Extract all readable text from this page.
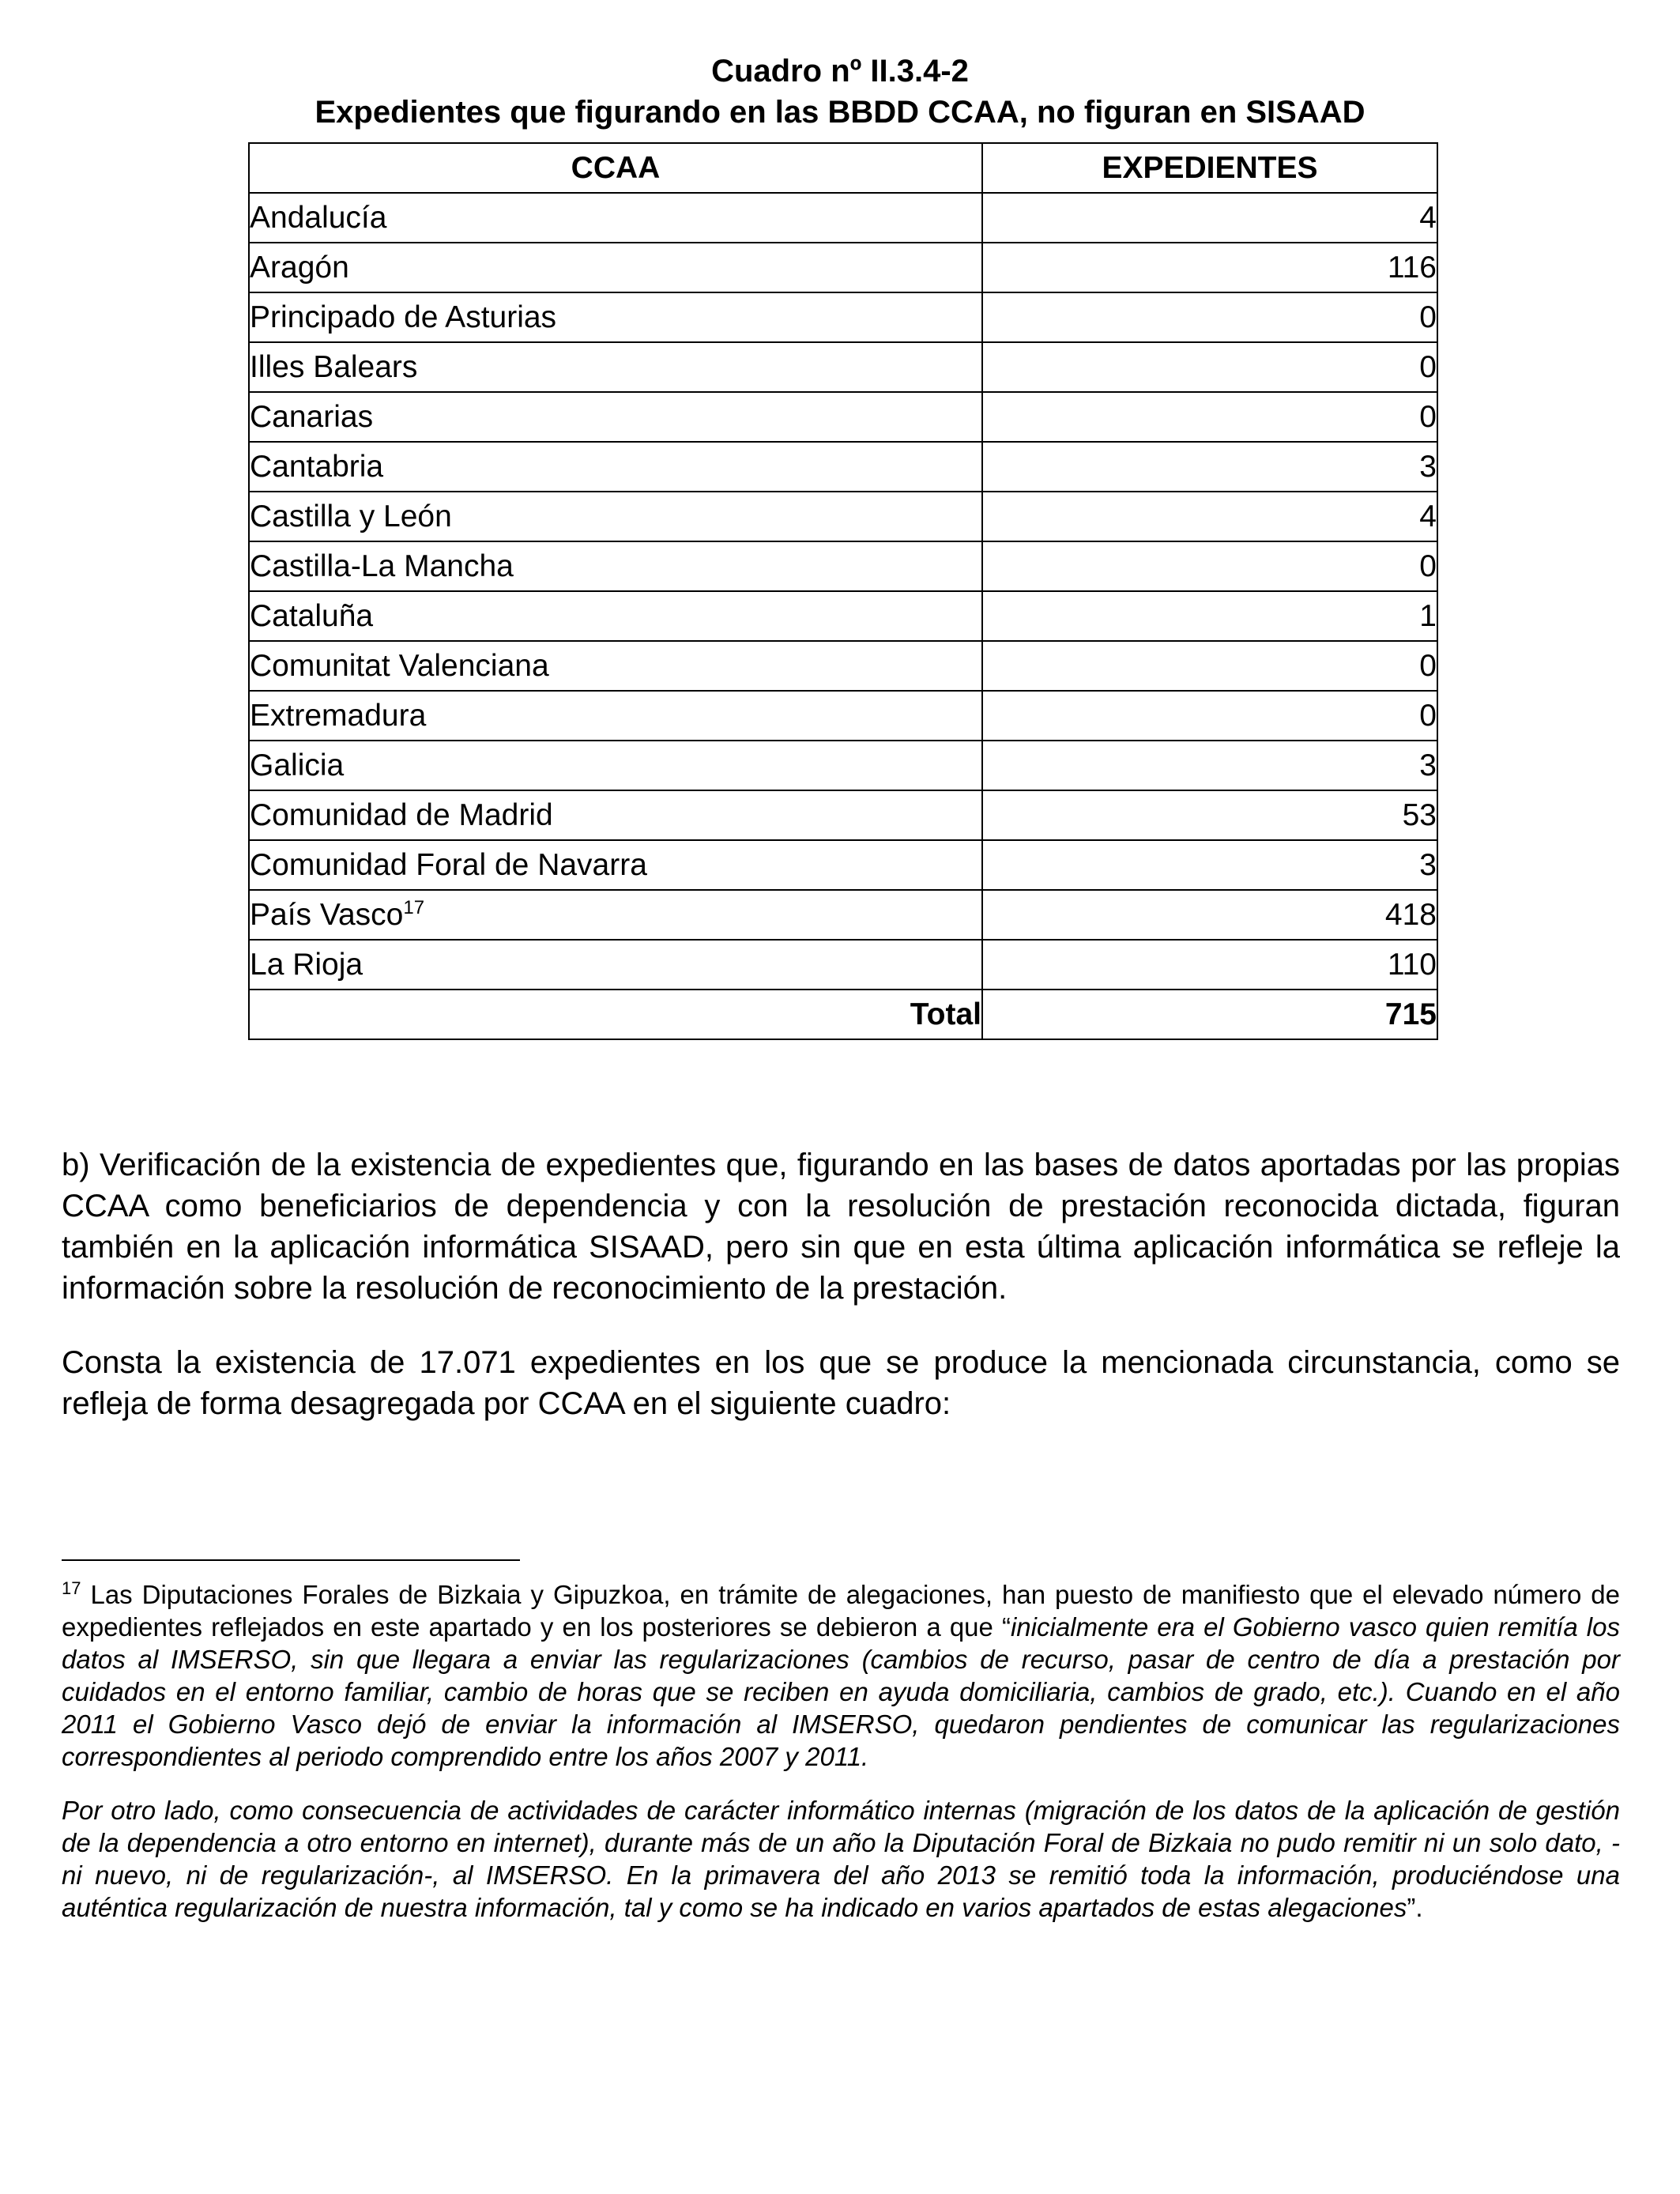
Cuadro nº II.3.4-2
Expedientes que figurando en las BBDD CCAA, no figuran en SISAAD
CCAA	EXPEDIENTES
Andalucía	4
Aragón	116
Principado de Asturias	0
Illes Balears	0
Canarias	0
Cantabria	3
Castilla y León	4
Castilla-La Mancha	0
Cataluña	1
Comunitat Valenciana	0
Extremadura	0
Galicia	3
Comunidad de Madrid	53
Comunidad Foral de Navarra	3
País Vasco$^{17}$	418
La Rioja	110
Total	715

b) Verificación de la existencia de expedientes que, figurando en las bases de datos aportadas por las propias CCAA como beneficiarios de dependencia y con la resolución de prestación reconocida dictada, figuran también en la aplicación informática SISAAD, pero sin que en esta última aplicación informática se refleje la información sobre la resolución de reconocimiento de la prestación.

Consta la existencia de 17.071 expedientes en los que se produce la mencionada circunstancia, como se refleja de forma desagregada por CCAA en el siguiente cuadro:

$^{17}$ Las Diputaciones Forales de Bizkaia y Gipuzkoa, en trámite de alegaciones, han puesto de manifiesto que el elevado número de expedientes reflejados en este apartado y en los posteriores se debieron a que “inicialmente era el Gobierno vasco quien remitía los datos al IMSERSO, sin que llegara a enviar las regularizaciones (cambios de recurso, pasar de centro de día a prestación por cuidados en el entorno familiar, cambio de horas que se reciben en ayuda domiciliaria, cambios de grado, etc.). Cuando en el año 2011 el Gobierno Vasco dejó de enviar la información al IMSERSO, quedaron pendientes de comunicar las regularizaciones correspondientes al periodo comprendido entre los años 2007 y 2011.

Por otro lado, como consecuencia de actividades de carácter informático internas (migración de los datos de la aplicación de gestión de la dependencia a otro entorno en internet), durante más de un año la Diputación Foral de Bizkaia no pudo remitir ni un solo dato, -ni nuevo, ni de regularización-, al IMSERSO. En la primavera del año 2013 se remitió toda la información, produciéndose una auténtica regularización de nuestra información, tal y como se ha indicado en varios apartados de estas alegaciones”.
